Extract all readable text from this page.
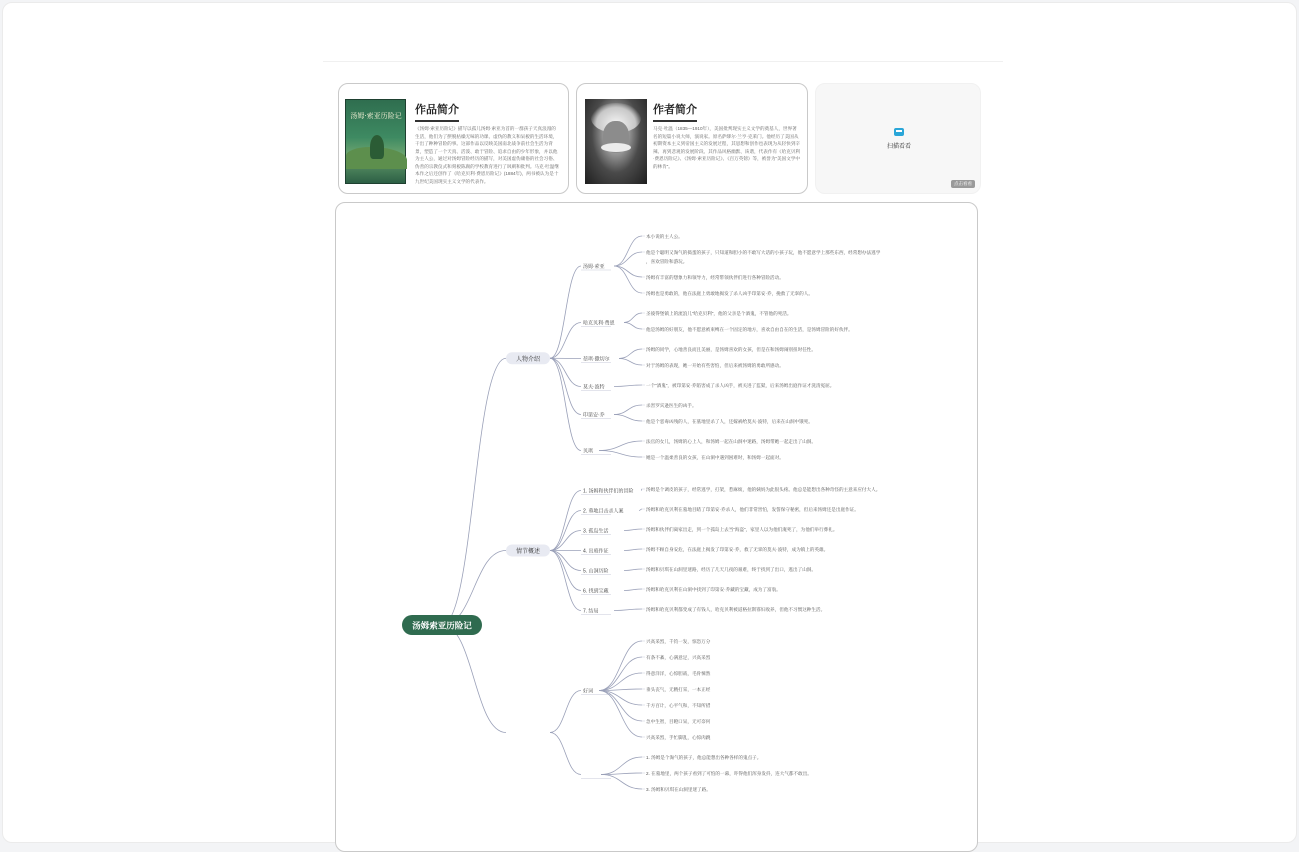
汤姆·索亚历险记 作品简介
《汤姆·索亚历险记》描写以孤儿汤姆·索亚为首的一群孩子天真浪漫的生活，他们为了摆脱枯燥无味的功课、虚伪的教义和呆板的生活环境，干出了种种冒险的事。这部作品以反映美国南北战争前社会生活为背景，塑造了一个天真、活泼、敢于冒险、追求自由的少年形象，并以他为主人公，通过对汤姆冒险经历的描写，对美国虚伪庸俗的社会习俗、伪善的宗教仪式和刻板陈腐的学校教育进行了讽刺和批判。马克·吐温继本作之后还创作了《哈克贝利·费恩历险记》(1884年)，两书被认为是十九世纪美国现实主义文学的代表作。
作者简介
马克·吐温（1835—1910年），美国批判现实主义文学的奠基人，世界著名的短篇小说大师，演说家。原名萨缪尔·兰亨·克莱门。他经历了美国从初期资本主义到帝国主义的发展过程，其思想和创作也表现为从轻快到辛辣、再到悲观的发展阶段。其作品风格幽默、诙谐，代表作有《哈克贝利·费恩历险记》、《汤姆·索亚历险记》、《百万英镑》等，被誉为“美国文学中的林肯”。
扫描看看
点击看看
汤姆索亚历险记
人物介绍
汤姆·索亚
本小说的主人公。
他是个聪明又淘气的捣蛋的孩子，只知道和胆小的不敢写大话的小孩子玩，他不愿意学上那些东西，经常想办法逃学
，喜欢冒险和游玩。
汤姆有丰富的想象力和领导力，经常带领伙伴们进行各种冒险活动。
汤姆也是勇敢的，他在法庭上勇敢地揭发了杀人凶手印第安·乔，挽救了无辜的人。
哈克贝利·费恩
圣彼得堡镇上的流浪儿“哈克贝利”，他的父亲是个酒鬼，不管他的死活。
他是汤姆的好朋友，他不愿意被束缚在一个固定的地方，喜欢自由自在的生活，是汤姆冒险的好伙伴。
蓓琪·撒切尔
汤姆的同学，心地善良而且美丽，是汤姆喜欢的女孩，但是在和汤姆闹别扭时任性。
对于汤姆的表现，她一开始有些害怕，但后来被汤姆的勇敢所感动。
莫夫·波特	一个“酒鬼”，被印第安·乔陷害成了杀人凶手，被关进了监狱，后来汤姆出庭作证才洗清冤屈。
印第安·乔
杀害罗宾逊医生的凶手。
他是个恶毒凶残的人，在墓地里杀了人，还嫁祸给莫夫·波特，后来在山洞中饿死。
贝琪
法官的女儿，汤姆的心上人，和汤姆一起在山洞中迷路，汤姆带她一起走出了山洞。
她是一个温柔善良的女孩，在山洞中遇到困难时，和汤姆一起面对。
情节概述
1. 汤姆和伙伴们的冒险	汤姆是个调皮的孩子，经常逃学，打架，惹麻烦，他的姨妈为此很头疼。他总是能想出各种奇怪的主意来应付大人。
2. 墓地目击杀人案	汤姆和哈克贝利在墓地目睹了印第安·乔杀人，他们非常害怕，发誓保守秘密，但后来汤姆还是出庭作证。
3. 孤岛生活	汤姆和伙伴们离家出走，到一个孤岛上去当“海盗”，家里人以为他们淹死了，为他们举行葬礼。
4. 出庭作证	汤姆不顾自身安危，在法庭上揭发了印第安·乔，救了无辜的莫夫·波特，成为镇上的英雄。
5. 山洞历险	汤姆和贝琪在山洞里迷路，经历了几天几夜的艰难，终于找到了出口，逃出了山洞。
6. 找到宝藏	汤姆和哈克贝利在山洞中找到了印第安·乔藏的宝藏，成为了富翁。
7. 结局	汤姆和哈克贝利都变成了有钱人，哈克贝利被道格拉斯寡妇收养，但他不习惯这种生活。
好词
兴高采烈，千钧一发，惊恐万分
有条不紊，心满意足，兴高采烈
得意洋洋，心惊胆战，毛骨悚然
垂头丧气，无精打采，一本正经
千方百计，心平气和，不知所措
急中生智，目瞪口呆，无可奈何
兴高采烈，手忙脚乱，心惊肉跳
1. 汤姆是个淘气的孩子，他总能想出各种各样的鬼点子。
2. 在墓地里，两个孩子看到了可怕的一幕，吓得他们浑身发抖，连大气都不敢出。
3. 汤姆和贝琪在山洞里迷了路。
